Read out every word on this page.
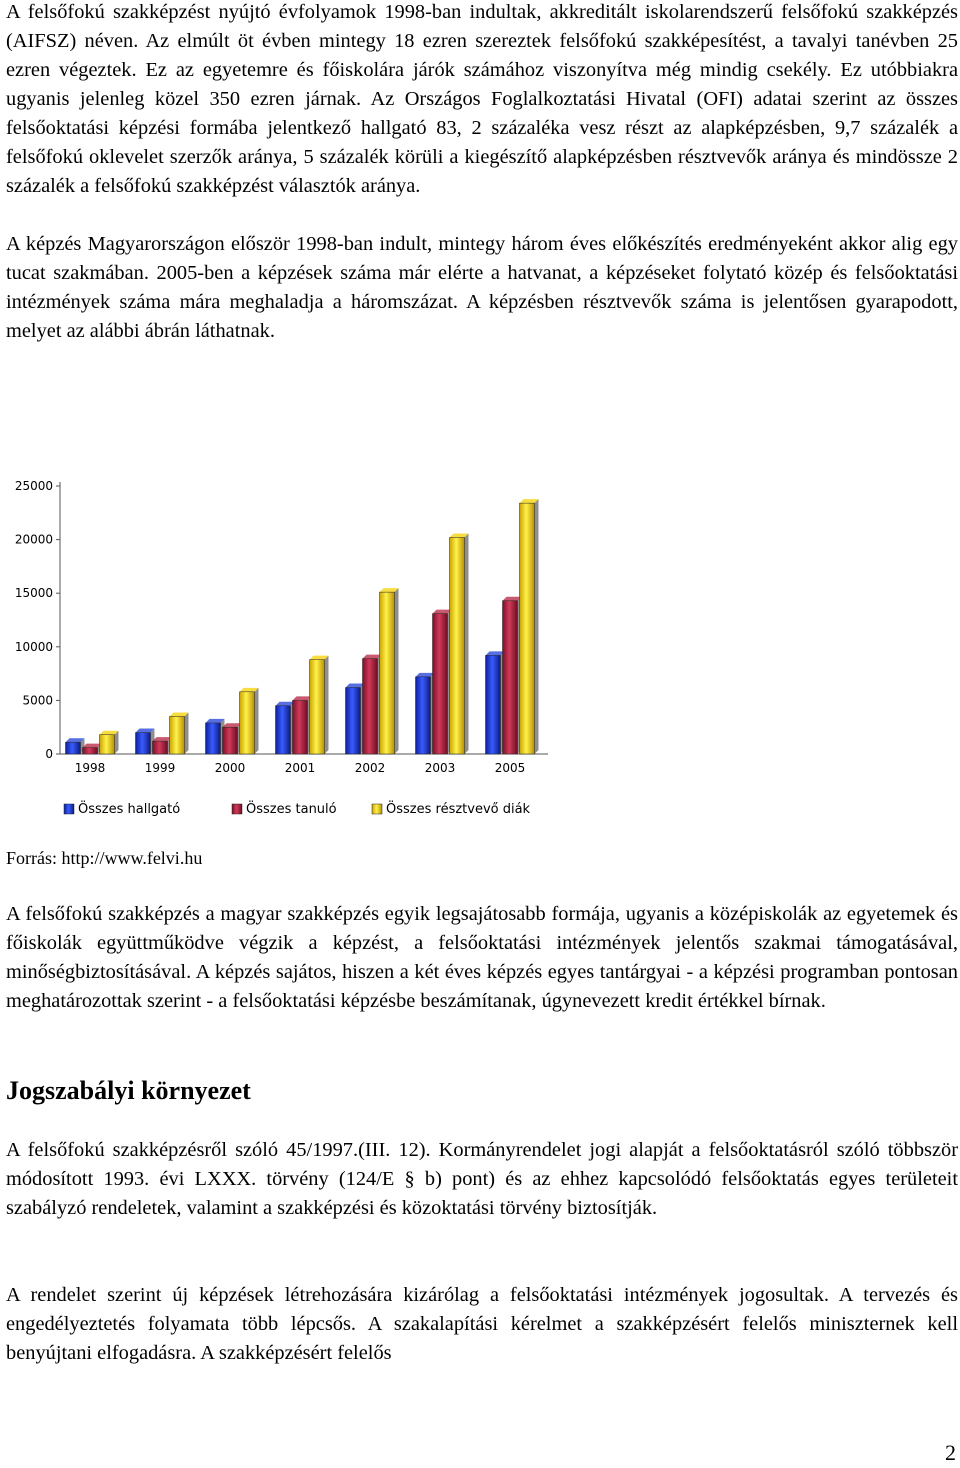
A felsőfokú szakképzést nyújtó évfolyamok 1998-ban indultak, akkreditált iskolarendszerű felsőfokú szakképzés (AIFSZ) néven. Az elmúlt öt évben mintegy 18 ezren szereztek felsőfokú szakképesítést, a tavalyi tanévben 25 ezren végeztek. Ez az egyetemre és főiskolára járók számához viszonyítva még mindig csekély. Ez utóbbiakra ugyanis jelenleg közel 350 ezren járnak. Az Országos Foglalkoztatási Hivatal (OFI) adatai szerint az összes felsőoktatási képzési formába jelentkező hallgató 83, 2 százaléka vesz részt az alapképzésben, 9,7 százalék a felsőfokú oklevelet szerzők aránya, 5 százalék körüli a kiegészítő alapképzésben résztvevők aránya és mindössze 2 százalék a felsőfokú szakképzést választók aránya.

A képzés Magyarországon először 1998-ban indult, mintegy három éves előkészítés eredményeként akkor alig egy tucat szakmában. 2005-ben a képzések száma már elérte a hatvanat, a képzéseket folytató közép és felsőoktatási intézmények száma mára meghaladja a háromszázat. A képzésben résztvevők száma is jelentősen gyarapodott, melyet az alábbi ábrán láthatnak.

0
5000
10000
15000
20000
25000
1998	1999	2000	2001	2002	2003	2005
Összes hallgató	Összes tanuló	Összes résztvevő diák
Forrás: http://www.felvi.hu

A felsőfokú szakképzés a magyar szakképzés egyik legsajátosabb formája, ugyanis a középiskolák az egyetemek és főiskolák együttműködve végzik a képzést, a felsőoktatási intézmények jelentős szakmai támogatásával, minőségbiztosításával. A képzés sajátos, hiszen a két éves képzés egyes tantárgyai - a képzési programban pontosan meghatározottak szerint - a felsőoktatási képzésbe beszámítanak, úgynevezett kredit értékkel bírnak.

Jogszabályi környezet

A felsőfokú szakképzésről szóló 45/1997.(III. 12). Kormányrendelet jogi alapját a felsőoktatásról szóló többször módosított 1993. évi LXXX. törvény (124/E § b) pont) és az ehhez kapcsolódó felsőoktatás egyes területeit szabályzó rendeletek, valamint a szakképzési és közoktatási törvény biztosítják.

A rendelet szerint új képzések létrehozására kizárólag a felsőoktatási intézmények jogosultak. A tervezés és engedélyeztetés folyamata több lépcsős. A szakalapítási kérelmet a szakképzésért felelős miniszternek kell benyújtani elfogadásra. A szakképzésért felelős

2
